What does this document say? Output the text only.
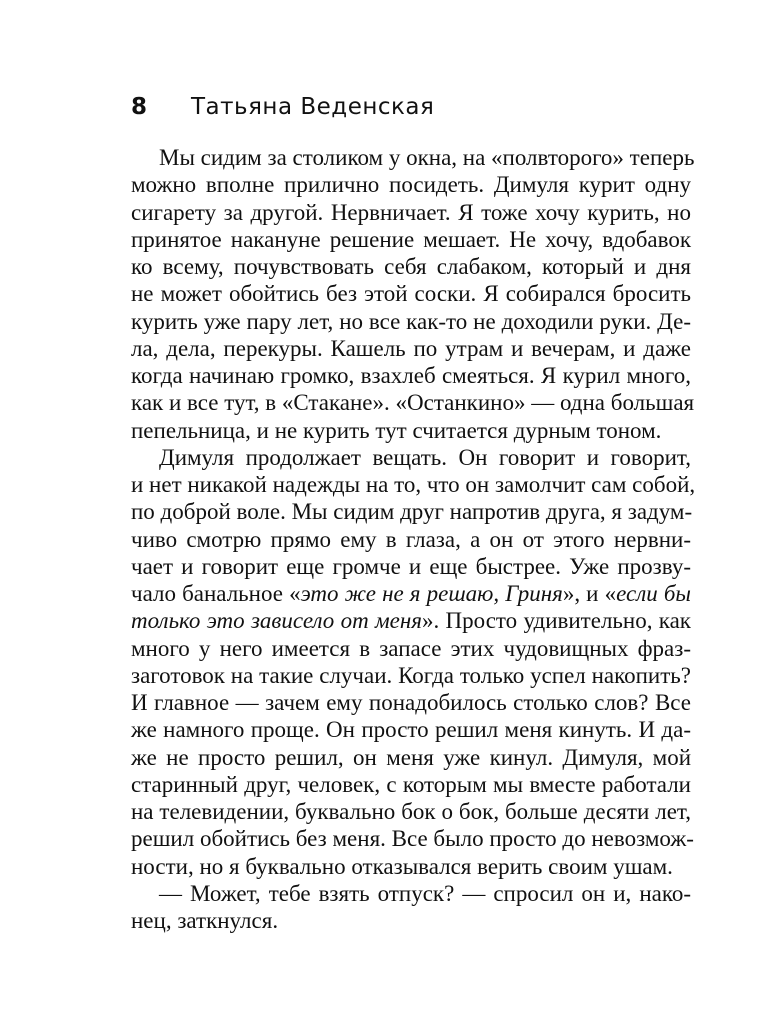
8 Татьяна Веденская
Мы сидим за столиком у окна, на «полвторого» теперь
можно вполне прилично посидеть. Димуля курит одну
сигарету за другой. Нервничает. Я тоже хочу курить, но
принятое накануне решение мешает. Не хочу, вдобавок
ко всему, почувствовать себя слабаком, который и дня
не может обойтись без этой соски. Я собирался бросить
курить уже пару лет, но все как-то не доходили руки. Де-
ла, дела, перекуры. Кашель по утрам и вечерам, и даже
когда начинаю громко, взахлеб смеяться. Я курил много,
как и все тут, в «Стакане». «Останкино» — одна большая
пепельница, и не курить тут считается дурным тоном.
Димуля продолжает вещать. Он говорит и говорит,
и нет никакой надежды на то, что он замолчит сам собой,
по доброй воле. Мы сидим друг напротив друга, я задум-
чиво смотрю прямо ему в глаза, а он от этого нервни-
чает и говорит еще громче и еще быстрее. Уже прозву-
чало банальное «это же не я решаю, Гриня», и «если бы
только это зависело от меня». Просто удивительно, как
много у него имеется в запасе этих чудовищных фраз-
заготовок на такие случаи. Когда только успел накопить?
И главное — зачем ему понадобилось столько слов? Все
же намного проще. Он просто решил меня кинуть. И да-
же не просто решил, он меня уже кинул. Димуля, мой
старинный друг, человек, с которым мы вместе работали
на телевидении, буквально бок о бок, больше десяти лет,
решил обойтись без меня. Все было просто до невозмож-
ности, но я буквально отказывался верить своим ушам.
— Может, тебе взять отпуск? — спросил он и, нако-
нец, заткнулся.
